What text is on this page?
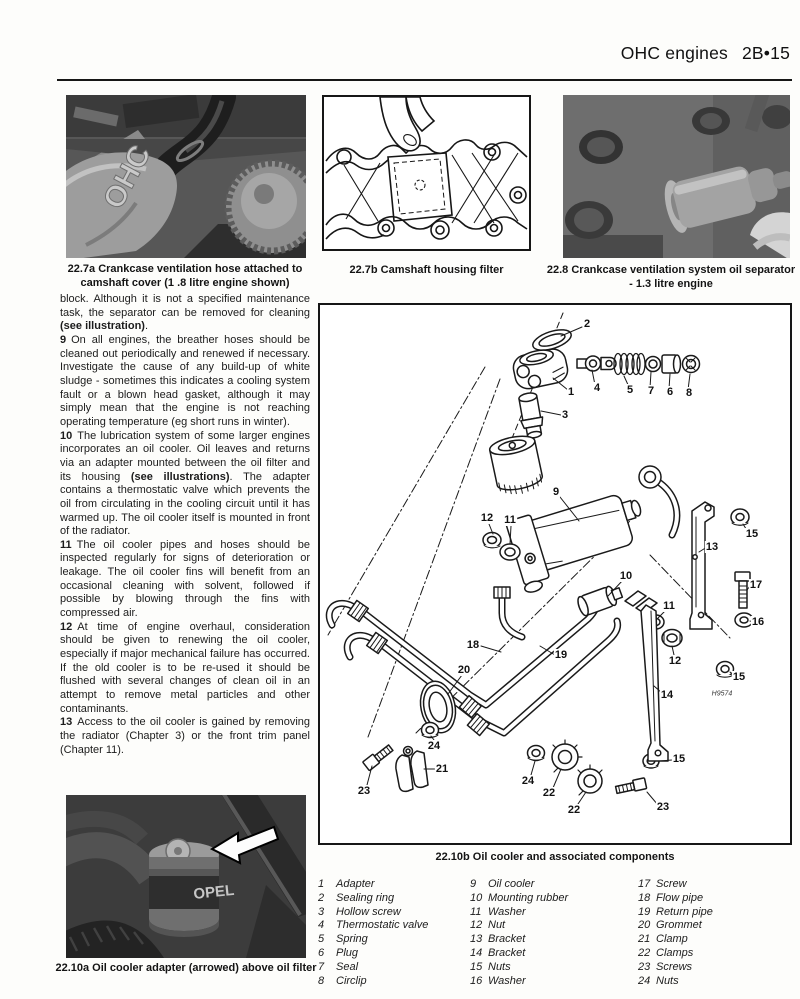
OHC engines 2B•15
OHC
22.7a Crankcase ventilation hose attached to camshaft cover (1 .8 litre engine shown)
22.7b Camshaft housing filter	22.8 Crankcase ventilation system oil separator - 1.3 litre engine

block. Although it is not a specified maintenance task, the separator can be removed for cleaning (see illustration).

9 On all engines, the breather hoses should be cleaned out periodically and renewed if necessary. Investigate the cause of any build-up of white sludge - sometimes this indicates a cooling system fault or a blown head gasket, although it may simply mean that the engine is not reaching operating temperature (eg short runs in winter).

10 The lubrication system of some larger engines incorporates an oil cooler. Oil leaves and returns via an adapter mounted between the oil filter and its housing (see illustrations). The adapter contains a thermostatic valve which prevents the oil from circulating in the cooling circuit until it has warmed up. The oil cooler itself is mounted in front of the radiator.

11 The oil cooler pipes and hoses should be inspected regularly for signs of deterioration or leakage. The oil cooler fins will benefit from an occasional cleaning with solvent, followed if possible by blowing through the fins with compressed air.

12 At time of engine overhaul, consideration should be given to renewing the oil cooler, especially if major mechanical failure has occurred. If the old cooler is to be re-used it should be flushed with several changes of clean oil in an attempt to remove metal particles and other contaminants.

13 Access to the oil cooler is gained by removing the radiator (Chapter 3) or the front trim panel (Chapter 11).

2
1 4 5 7 6 8
3
9
12 11
13
15
10
11
12
17
16
15
14
18
19
20
24
21
23
24
22
22	23
15
H9574
22.10b Oil cooler and associated components
1	Adapter
2	Sealing ring
3	Hollow screw
4	Thermostatic valve
5	Spring
6	Plug
7	Seal
8	Circlip
9	Oil cooler
10 Mounting rubber
11 Washer
12 Nut
13 Bracket
14 Bracket
15 Nuts
16 Washer
17 Screw
18 Flow pipe
19 Return pipe
20 Grommet
21 Clamp
22 Clamps
23 Screws
24 Nuts
OPEL
22.10a Oil cooler adapter (arrowed) above oil filter
